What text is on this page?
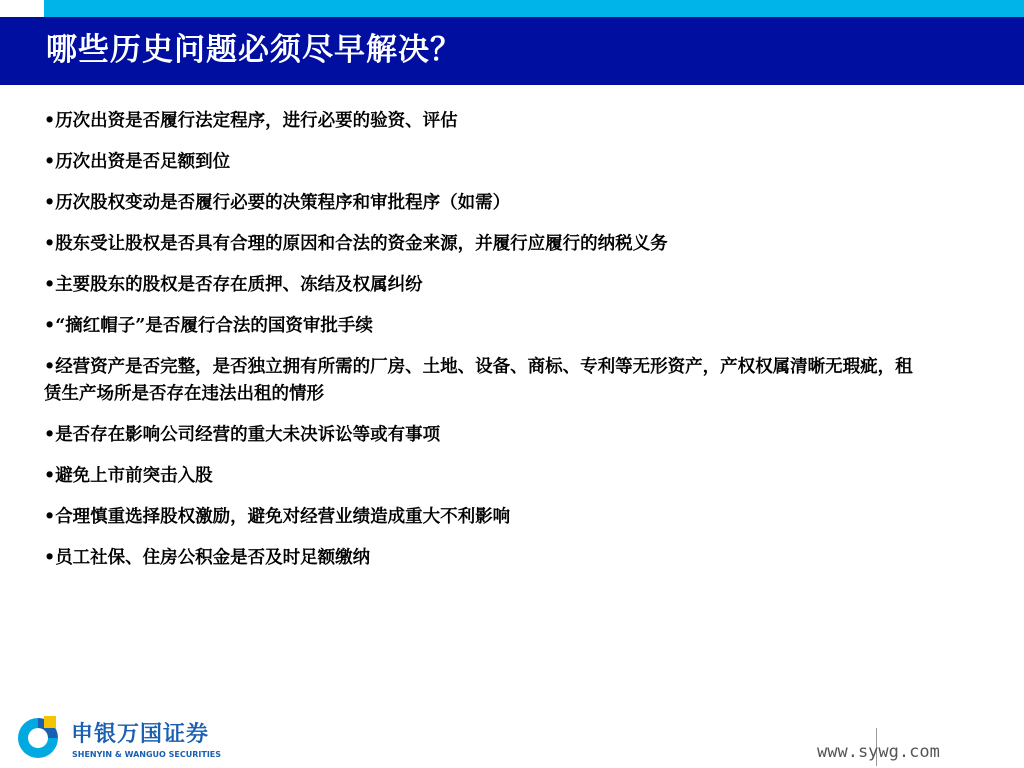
哪些历史问题必须尽早解决？
•历次出资是否履行法定程序，进行必要的验资、评估
•历次出资是否足额到位
•历次股权变动是否履行必要的决策程序和审批程序（如需）
•股东受让股权是否具有合理的原因和合法的资金来源，并履行应履行的纳税义务
•主要股东的股权是否存在质押、冻结及权属纠纷
•“摘红帽子”是否履行合法的国资审批手续
•经营资产是否完整，是否独立拥有所需的厂房、土地、设备、商标、专利等无形资产，产权权属清晰无瑕疵，租赁生产场所是否存在违法出租的情形
•是否存在影响公司经营的重大未决诉讼等或有事项
•避免上市前突击入股
•合理慎重选择股权激励，避免对经营业绩造成重大不利影响
•员工社保、住房公积金是否及时足额缴纳
申银万国证券
SHENYIN & WANGUO SECURITIES	www.sywg.com
